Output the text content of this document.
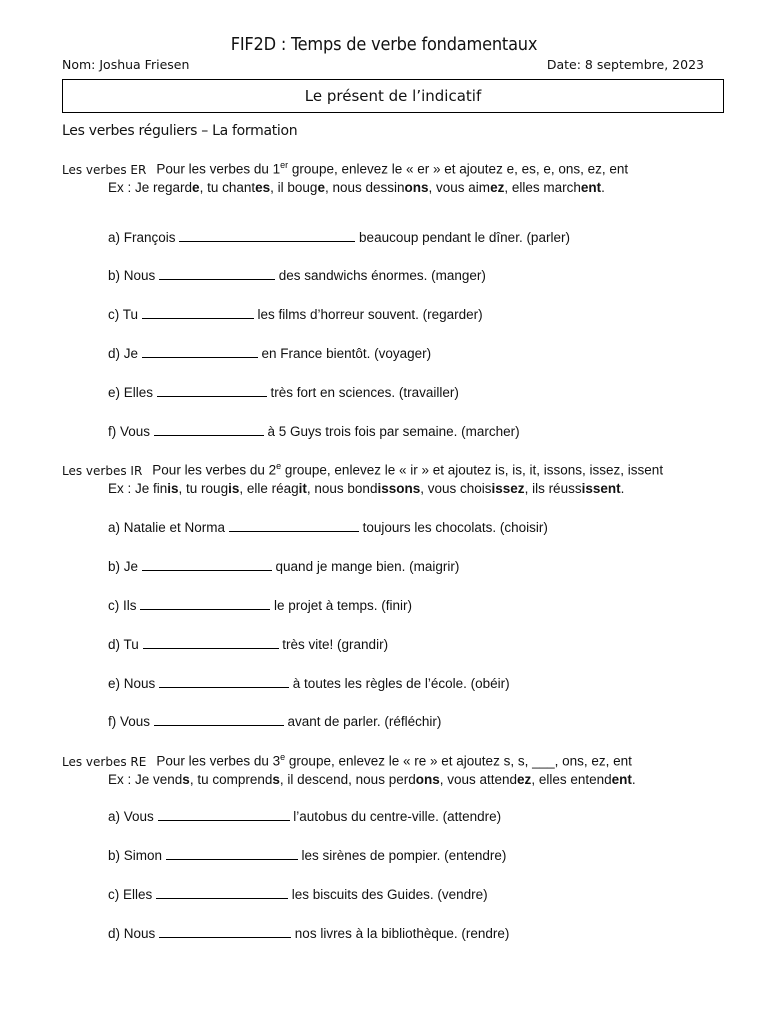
FIF2D : Temps de verbe fondamentaux
Nom: Joshua Friesen	Date: 8 septembre, 2023
Le présent de l’indicatif
Les verbes réguliers – La formation
Les verbes ER Pour les verbes du 1er groupe, enlevez le « er » et ajoutez e, es, e, ons, ez, ent
Ex : Je regarde, tu chantes, il bouge, nous dessinons, vous aimez, elles marchent.
a) François	beaucoup pendant le dîner. (parler)
b) Nous	des sandwichs énormes. (manger)
c) Tu	les films d’horreur souvent. (regarder)
d) Je	en France bientôt. (voyager)
e) Elles	très fort en sciences. (travailler)
f) Vous	à 5 Guys trois fois par semaine. (marcher)
Les verbes IR Pour les verbes du 2e groupe, enlevez le « ir » et ajoutez is, is, it, issons, issez, issent
Ex : Je finis, tu rougis, elle réagit, nous bondissons, vous choisissez, ils réussissent.
a) Natalie et Norma	toujours les chocolats. (choisir)
b) Je	quand je mange bien. (maigrir)
c) Ils	le projet à temps. (finir)
d) Tu	très vite! (grandir)
e) Nous	à toutes les règles de l’école. (obéir)
f) Vous	avant de parler. (réfléchir)
Les verbes RE Pour les verbes du 3e groupe, enlevez le « re » et ajoutez s, s, ___, ons, ez, ent
Ex : Je vends, tu comprends, il descend, nous perdons, vous attendez, elles entendent.
a) Vous	l’autobus du centre-ville. (attendre)
b) Simon	les sirènes de pompier. (entendre)
c) Elles	les biscuits des Guides. (vendre)
d) Nous	nos livres à la bibliothèque. (rendre)
